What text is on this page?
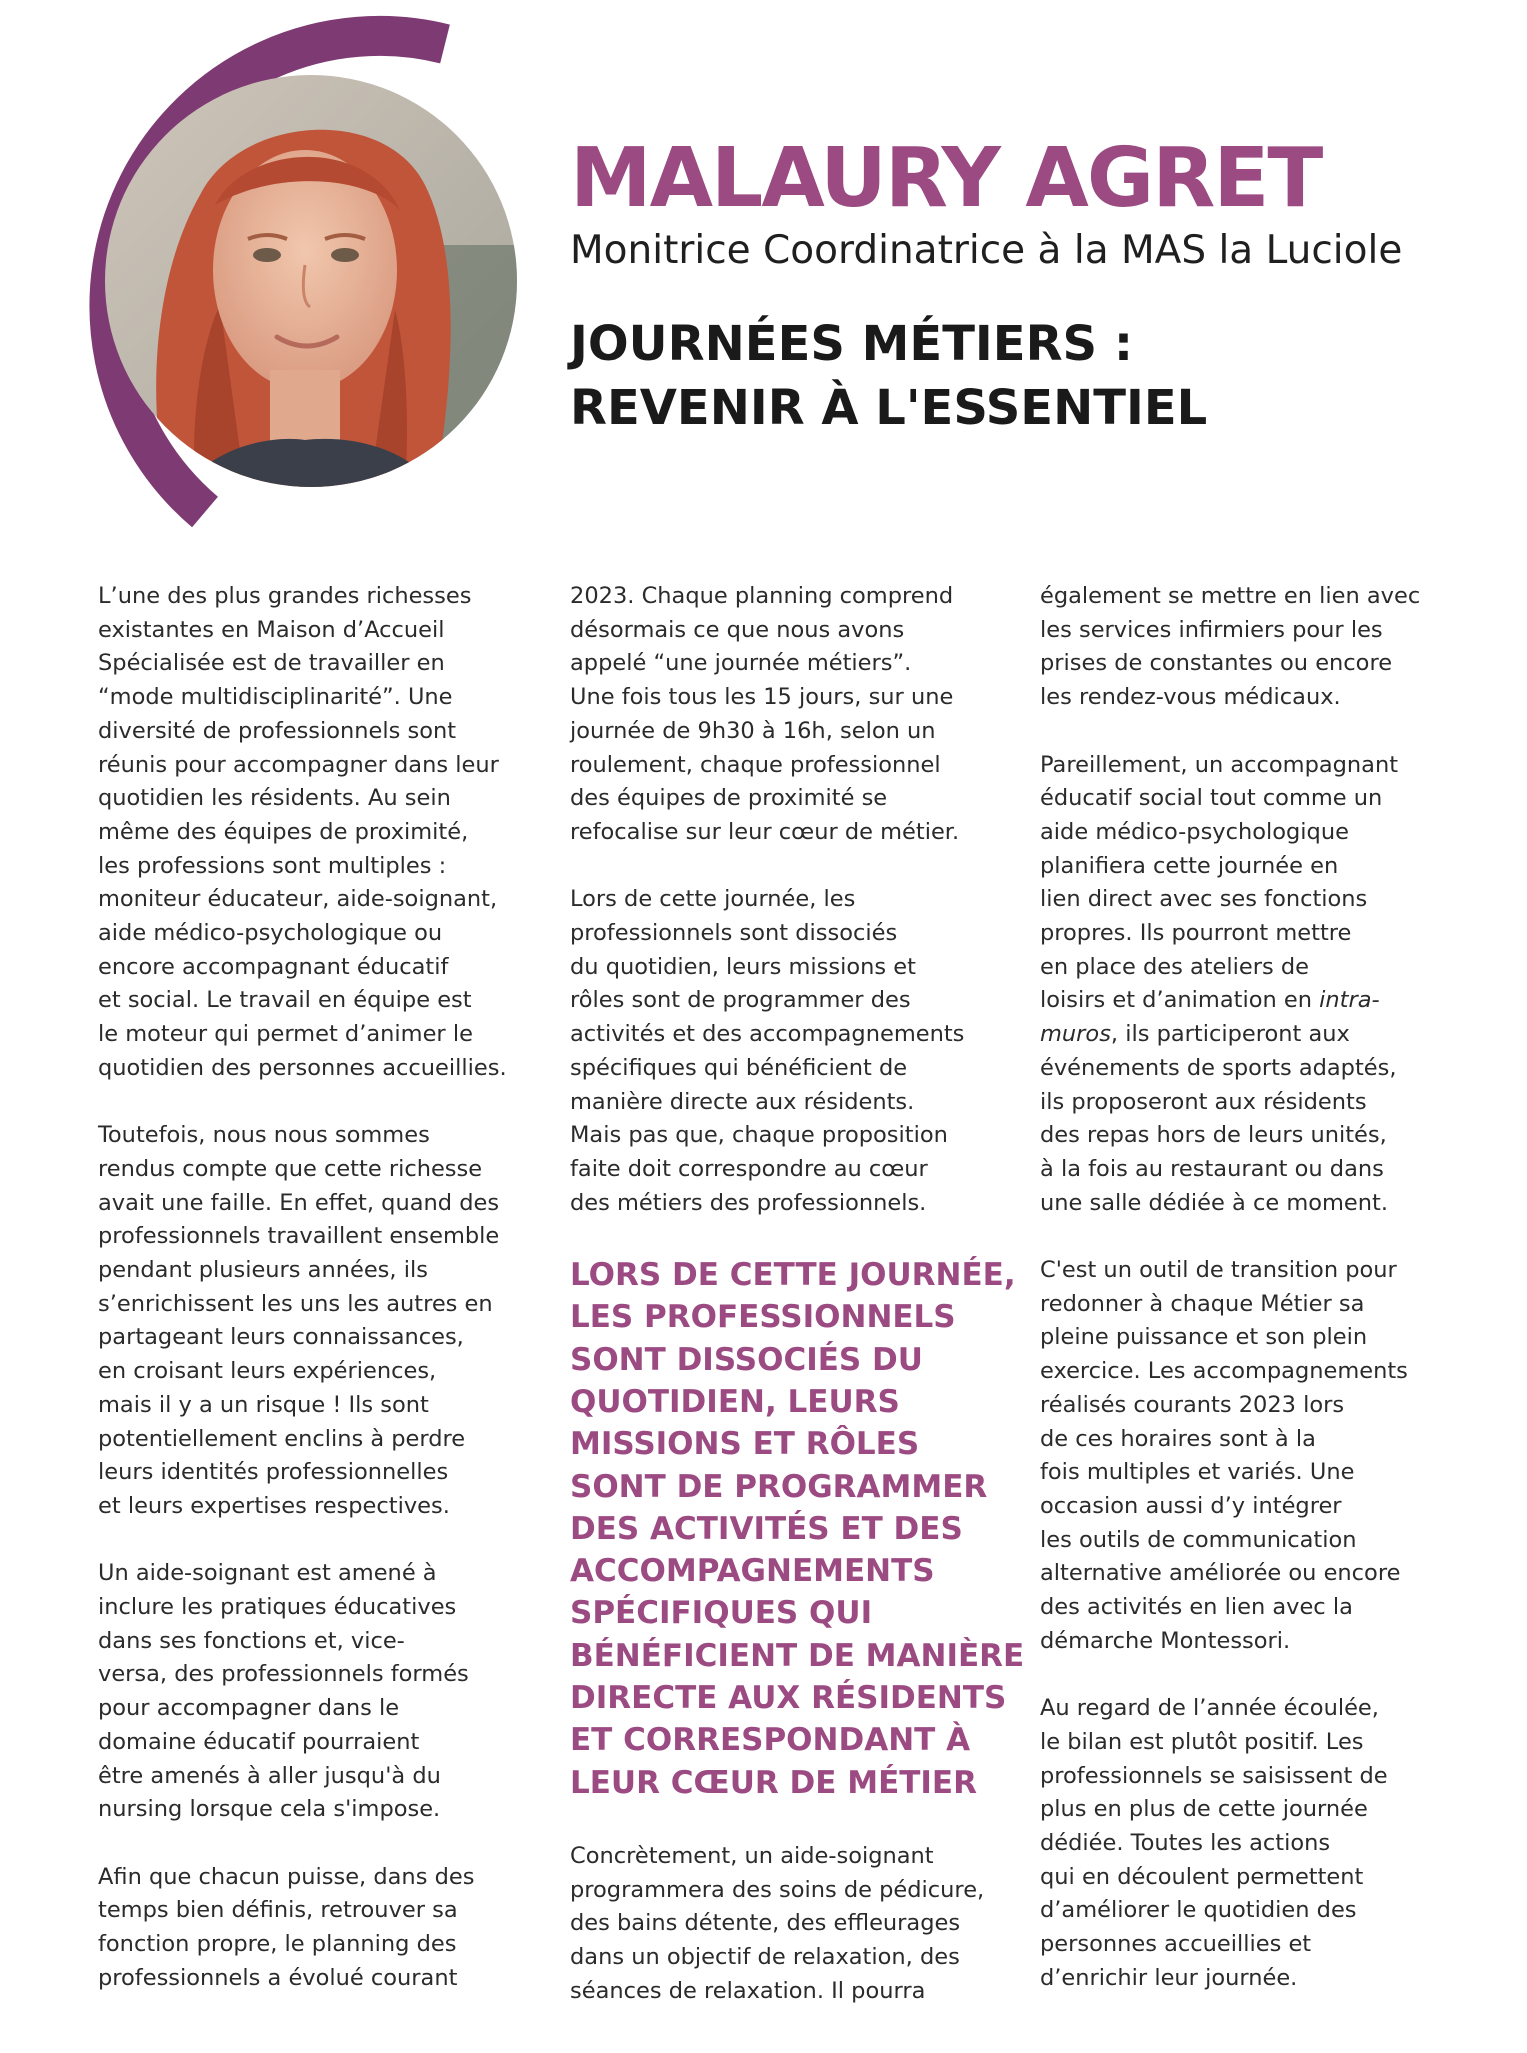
MALAURY AGRET
Monitrice Coordinatrice à la MAS la Luciole
JOURNÉES MÉTIERS :
REVENIR À L'ESSENTIEL

L’une des plus grandes richesses
existantes en Maison d’Accueil
Spécialisée est de travailler en
“mode multidisciplinarité”. Une
diversité de professionnels sont
réunis pour accompagner dans leur
quotidien les résidents. Au sein
même des équipes de proximité,
les professions sont multiples :
moniteur éducateur, aide-soignant,
aide médico-psychologique ou
encore accompagnant éducatif
et social. Le travail en équipe est
le moteur qui permet d’animer le
quotidien des personnes accueillies.

Toutefois, nous nous sommes
rendus compte que cette richesse
avait une faille. En effet, quand des
professionnels travaillent ensemble
pendant plusieurs années, ils
s’enrichissent les uns les autres en
partageant leurs connaissances,
en croisant leurs expériences,
mais il y a un risque ! Ils sont
potentiellement enclins à perdre
leurs identités professionnelles
et leurs expertises respectives.

Un aide-soignant est amené à
inclure les pratiques éducatives
dans ses fonctions et, vice-
versa, des professionnels formés
pour accompagner dans le
domaine éducatif pourraient
être amenés à aller jusqu'à du
nursing lorsque cela s'impose.

Afin que chacun puisse, dans des
temps bien définis, retrouver sa
fonction propre, le planning des
professionnels a évolué courant

2023. Chaque planning comprend
désormais ce que nous avons
appelé “une journée métiers”.
Une fois tous les 15 jours, sur une
journée de 9h30 à 16h, selon un
roulement, chaque professionnel
des équipes de proximité se
refocalise sur leur cœur de métier.

Lors de cette journée, les
professionnels sont dissociés
du quotidien, leurs missions et
rôles sont de programmer des
activités et des accompagnements
spécifiques qui bénéficient de
manière directe aux résidents.
Mais pas que, chaque proposition
faite doit correspondre au cœur
des métiers des professionnels.

LORS DE CETTE JOURNÉE,
LES PROFESSIONNELS
SONT DISSOCIÉS DU
QUOTIDIEN, LEURS
MISSIONS ET RÔLES
SONT DE PROGRAMMER
DES ACTIVITÉS ET DES
ACCOMPAGNEMENTS
SPÉCIFIQUES QUI
BÉNÉFICIENT DE MANIÈRE
DIRECTE AUX RÉSIDENTS
ET CORRESPONDANT À
LEUR CŒUR DE MÉTIER

Concrètement, un aide-soignant
programmera des soins de pédicure,
des bains détente, des effleurages
dans un objectif de relaxation, des
séances de relaxation. Il pourra

également se mettre en lien avec
les services infirmiers pour les
prises de constantes ou encore
les rendez-vous médicaux.

Pareillement, un accompagnant
éducatif social tout comme un
aide médico-psychologique
planifiera cette journée en
lien direct avec ses fonctions
propres. Ils pourront mettre
en place des ateliers de
loisirs et d’animation en intra-
muros, ils participeront aux
événements de sports adaptés,
ils proposeront aux résidents
des repas hors de leurs unités,
à la fois au restaurant ou dans
une salle dédiée à ce moment.

C'est un outil de transition pour
redonner à chaque Métier sa
pleine puissance et son plein
exercice. Les accompagnements
réalisés courants 2023 lors
de ces horaires sont à la
fois multiples et variés. Une
occasion aussi d’y intégrer
les outils de communication
alternative améliorée ou encore
des activités en lien avec la
démarche Montessori.

Au regard de l’année écoulée,
le bilan est plutôt positif. Les
professionnels se saisissent de
plus en plus de cette journée
dédiée. Toutes les actions
qui en découlent permettent
d’améliorer le quotidien des
personnes accueillies et
d’enrichir leur journée.
